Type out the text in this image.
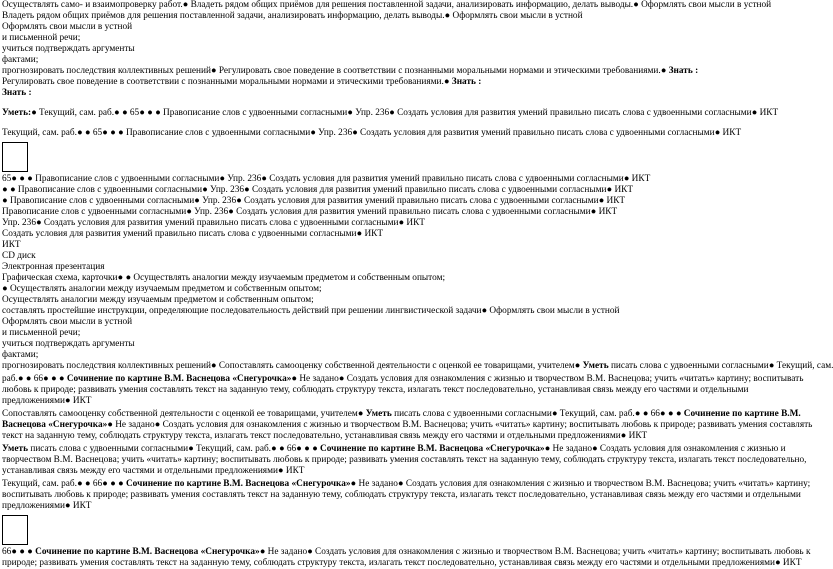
Осуществлять само- и взаимопроверку работ.● Владеть рядом общих приёмов для решения поставленной задачи, анализировать информацию, делать выводы.● Оформлять свои мысли в устной
Владеть рядом общих приёмов для решения поставленной задачи, анализировать информацию, делать выводы.● Оформлять свои мысли в устной
Оформлять свои мысли в устной
и письменной речи;
учиться подтверждать аргументы
фактами;
прогнозировать последствия коллективных решений● Регулировать свое поведение в соответствии с познанными моральными нормами и этическими требованиями.● Знать :
Регулировать свое поведение в соответствии с познанными моральными нормами и этическими требованиями.● Знать :
Знать :
Уметь:● Текущий, сам. раб.● ● 65● ● ● Правописание слов с удвоенными согласными● Упр. 236● Создать условия для развития умений правильно писать слова с удвоенными согласными● ИКТ
Текущий, сам. раб.● ● 65● ● ● Правописание слов с удвоенными согласными● Упр. 236● Создать условия для развития умений правильно писать слова с удвоенными согласными● ИКТ
65● ● ● Правописание слов с удвоенными согласными● Упр. 236● Создать условия для развития умений правильно писать слова с удвоенными согласными● ИКТ
● ● Правописание слов с удвоенными согласными● Упр. 236● Создать условия для развития умений правильно писать слова с удвоенными согласными● ИКТ
● Правописание слов с удвоенными согласными● Упр. 236● Создать условия для развития умений правильно писать слова с удвоенными согласными● ИКТ
Правописание слов с удвоенными согласными● Упр. 236● Создать условия для развития умений правильно писать слова с удвоенными согласными● ИКТ
Упр. 236● Создать условия для развития умений правильно писать слова с удвоенными согласными● ИКТ
Создать условия для развития умений правильно писать слова с удвоенными согласными● ИКТ
ИКТ
CD диск
Электронная презентация
Графическая схема, карточки● ● Осуществлять аналогии между изучаемым предметом и собственным опытом;
● Осуществлять аналогии между изучаемым предметом и собственным опытом;
Осуществлять аналогии между изучаемым предметом и собственным опытом;
составлять простейшие инструкции, определяющие последовательность действий при решении лингвистической задачи● Оформлять свои мысли в устной
Оформлять свои мысли в устной
и письменной речи;
учиться подтверждать аргументы
фактами;
прогнозировать последствия коллективных решений● Сопоставлять самооценку собственной деятельности с оценкой ее товарищами, учителем● Уметь писать слова с удвоенными согласными● Текущий, сам.
раб.● ● 66● ● ● Сочинение по картине В.М. Васнецова «Снегурочка»● Не задано● Создать условия для ознакомления с жизнью и творчеством В.М. Васнецова; учить «читать» картину; воспитывать любовь к природе; развивать умения составлять текст на заданную тему, соблюдать структуру текста, излагать текст последовательно, устанавливая связь между его частями и отдельными предложениями● ИКТ
Сопоставлять самооценку собственной деятельности с оценкой ее товарищами, учителем● Уметь писать слова с удвоенными согласными● Текущий, сам. раб.● ● 66● ● ● Сочинение по картине В.М. Васнецова «Снегурочка»● Не задано● Создать условия для ознакомления с жизнью и творчеством В.М. Васнецова; учить «читать» картину; воспитывать любовь к природе; развивать умения составлять текст на заданную тему, соблюдать структуру текста, излагать текст последовательно, устанавливая связь между его частями и отдельными предложениями● ИКТ
Уметь писать слова с удвоенными согласными● Текущий, сам. раб.● ● 66● ● ● Сочинение по картине В.М. Васнецова «Снегурочка»● Не задано● Создать условия для ознакомления с жизнью и творчеством В.М. Васнецова; учить «читать» картину; воспитывать любовь к природе; развивать умения составлять текст на заданную тему, соблюдать структуру текста, излагать текст последовательно, устанавливая связь между его частями и отдельными предложениями● ИКТ
Текущий, сам. раб.● ● 66● ● ● Сочинение по картине В.М. Васнецова «Снегурочка»● Не задано● Создать условия для ознакомления с жизнью и творчеством В.М. Васнецова; учить «читать» картину; воспитывать любовь к природе; развивать умения составлять текст на заданную тему, соблюдать структуру текста, излагать текст последовательно, устанавливая связь между его частями и отдельными предложениями● ИКТ
66● ● ● Сочинение по картине В.М. Васнецова «Снегурочка»● Не задано● Создать условия для ознакомления с жизнью и творчеством В.М. Васнецова; учить «читать» картину; воспитывать любовь к природе; развивать умения составлять текст на заданную тему, соблюдать структуру текста, излагать текст последовательно, устанавливая связь между его частями и отдельными предложениями● ИКТ
